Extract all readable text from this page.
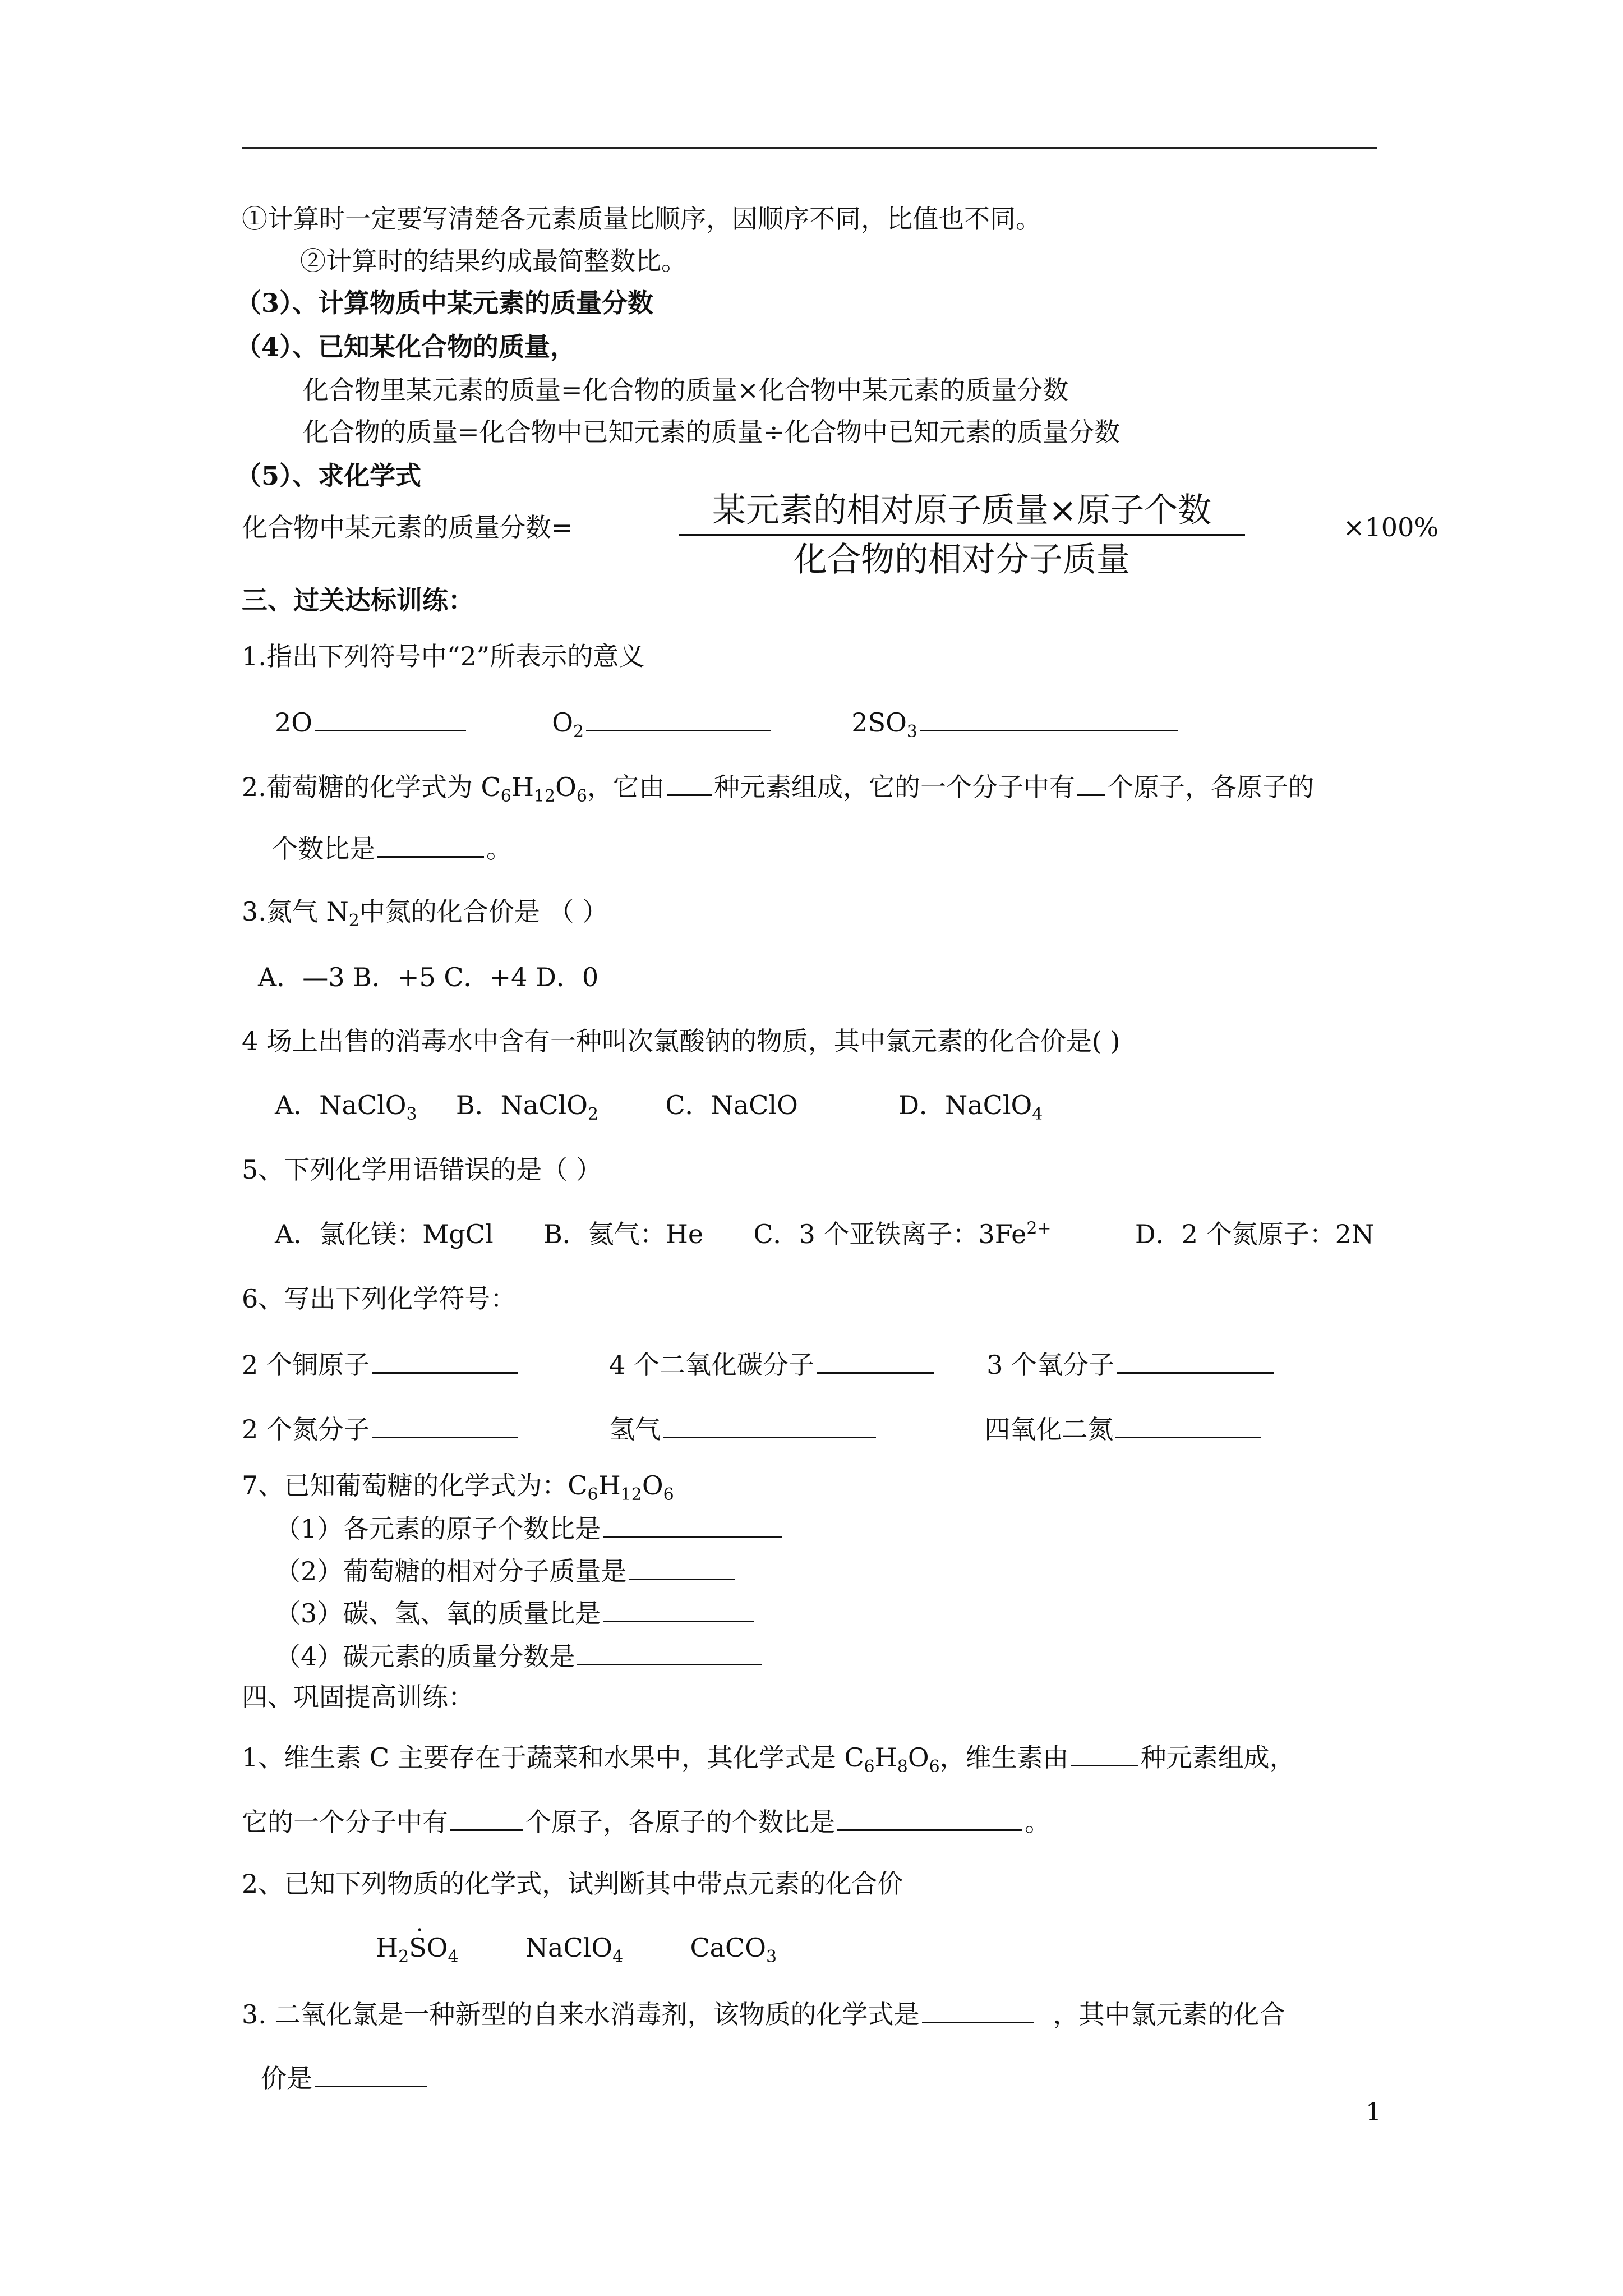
①计算时一定要写清楚各元素质量比顺序，因顺序不同，比值也不同。
②计算时的结果约成最简整数比。
（3）、计算物质中某元素的质量分数
（4）、已知某化合物的质量，
化合物里某元素的质量=化合物的质量×化合物中某元素的质量分数
化合物的质量=化合物中已知元素的质量÷化合物中已知元素的质量分数
（5）、求化学式
化合物中某元素的质量分数=	某元素的相对原子质量×原子个数
化合物的相对分子质量
×100%
三、过关达标训练：
1.指出下列符号中“2”所表示的意义
2O	$O_2$	$2SO_3$
2.葡萄糖的化学式为 $C_6H_{12}O_6$，它由 种元素组成，它的一个分子中有 个原子，各原子的
个数比是	。
3.氮气 $N_2$中氮的化合价是 （ ）
A．—3 B．+5 C．+4 D．0
4 场上出售的消毒水中含有一种叫次氯酸钠的物质，其中氯元素的化合价是( )
A．NaClO$_3$ B．NaClO$_2$	C．NaClO	D．NaClO$_4$
5、下列化学用语错误的是（ ）
A．氯化镁：MgCl B．氦气：He C．3 个亚铁离子：$3Fe^{2+}$	D．2 个氮原子：2N
6、写出下列化学符号：
2 个铜原子	4 个二氧化碳分子	3 个氧分子
2 个氮分子	氢气	四氧化二氮
7、已知葡萄糖的化学式为：$C_6H_{12}O_6$
（1）各元素的原子个数比是
（2）葡萄糖的相对分子质量是
（3）碳、氢、氧的质量比是
（4）碳元素的质量分数是
四、巩固提高训练：
1、维生素 C 主要存在于蔬菜和水果中，其化学式是 $C_6H_8O_6$，维生素由	种元素组成，
它的一个分子中有	个原子，各原子的个数比是	。
2、已知下列物质的化学式，试判断其中带点元素的化合价
$H_2S \cdot O_4$	NaClO$_4$	CaCO$_3$
3. 二氧化氯是一种新型的自来水消毒剂，该物质的化学式是	，其中氯元素的化合
价是
1
